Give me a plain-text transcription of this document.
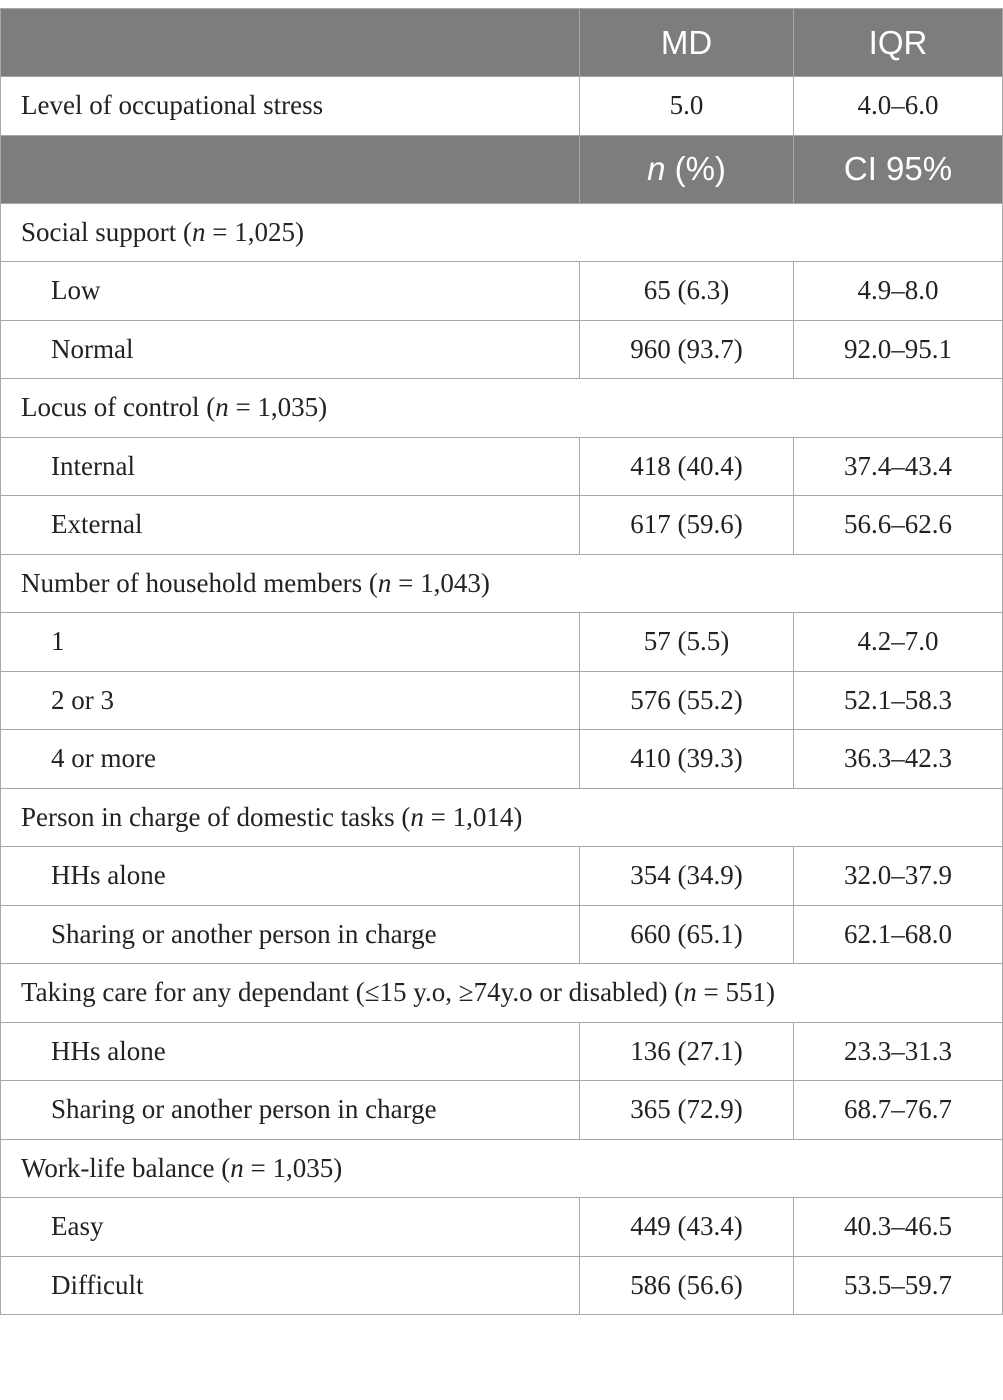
	MD	IQR
Level of occupational stress	5.0	4.0–6.0
	n (%)	CI 95%
Social support (n = 1,025)		
Low	65 (6.3)	4.9–8.0
Normal	960 (93.7)	92.0–95.1
Locus of control (n = 1,035)		
Internal	418 (40.4)	37.4–43.4
External	617 (59.6)	56.6–62.6
Number of household members (n = 1,043)		
1	57 (5.5)	4.2–7.0
2 or 3	576 (55.2)	52.1–58.3
4 or more	410 (39.3)	36.3–42.3
Person in charge of domestic tasks (n = 1,014)		
HHs alone	354 (34.9)	32.0–37.9
Sharing or another person in charge	660 (65.1)	62.1–68.0
Taking care for any dependant (≤15 y.o, ≥74y.o or disabled) (n = 551)		
HHs alone	136 (27.1)	23.3–31.3
Sharing or another person in charge	365 (72.9)	68.7–76.7
Work-life balance (n = 1,035)		
Easy	449 (43.4)	40.3–46.5
Difficult	586 (56.6)	53.5–59.7
